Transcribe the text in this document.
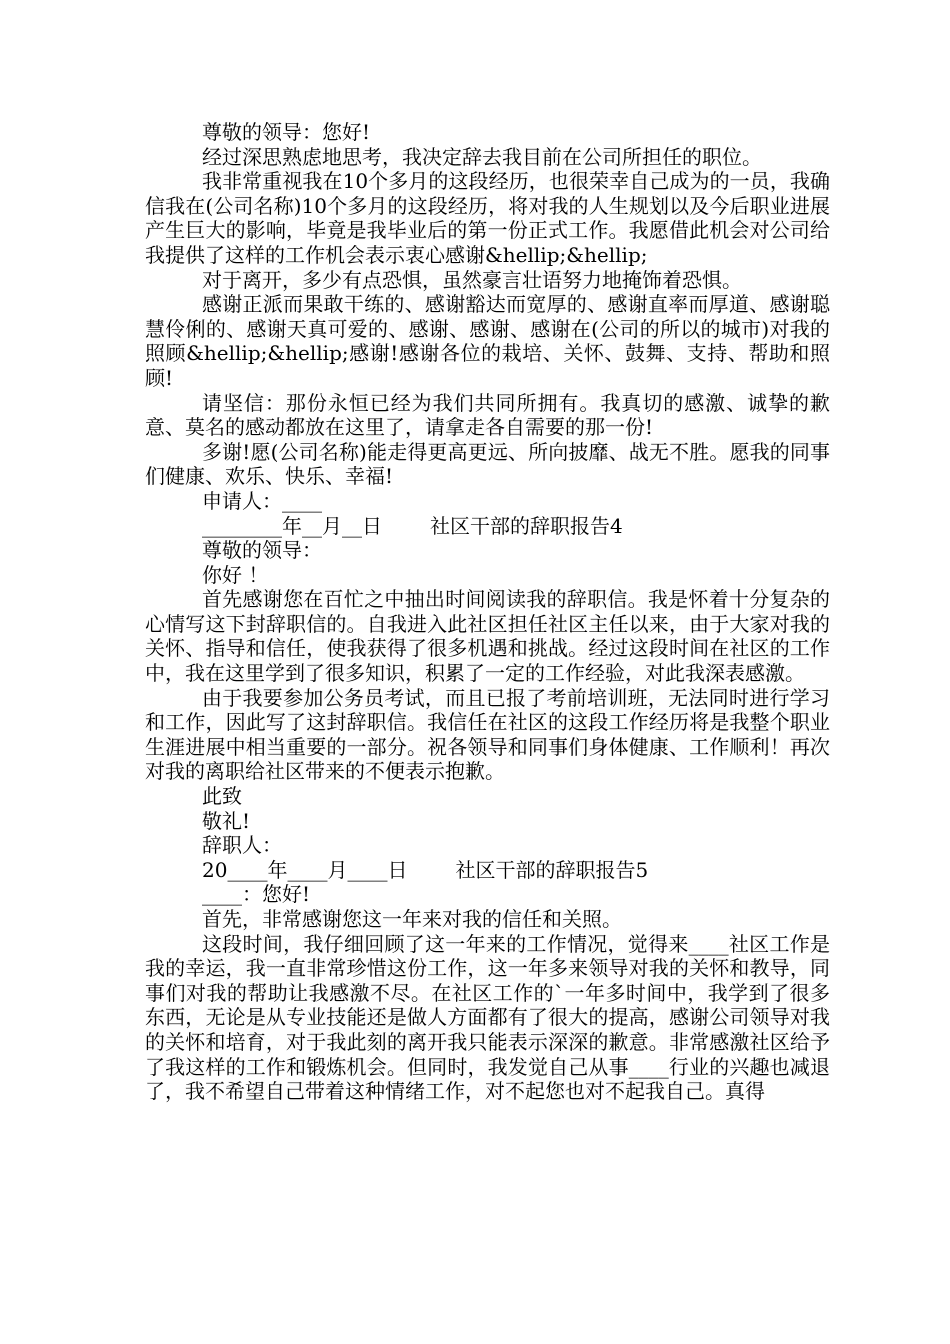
尊敬的领导：您好!

经过深思熟虑地思考，我决定辞去我目前在公司所担任的职位。

我非常重视我在10个多月的这段经历，也很荣幸自己成为的一员，我确信我在(公司名称)10个多月的这段经历，将对我的人生规划以及今后职业进展产生巨大的影响，毕竟是我毕业后的第一份正式工作。我愿借此机会对公司给我提供了这样的工作机会表示衷心感谢&hellip;&hellip;

对于离开，多少有点恐惧，虽然豪言壮语努力地掩饰着恐惧。

感谢正派而果敢干练的、感谢豁达而宽厚的、感谢直率而厚道、感谢聪慧伶俐的、感谢天真可爱的、感谢、感谢、感谢在(公司的所以的城市)对我的照顾&hellip;&hellip;感谢!感谢各位的栽培、关怀、鼓舞、支持、帮助和照顾!

请坚信：那份永恒已经为我们共同所拥有。我真切的感激、诚挚的歉意、莫名的感动都放在这里了，请拿走各自需要的那一份!

多谢!愿(公司名称)能走得更高更远、所向披靡、战无不胜。愿我的同事们健康、欢乐、快乐、幸福!

申请人：____

________年__月__日 社区干部的辞职报告4

尊敬的领导：

你好 ！

首先感谢您在百忙之中抽出时间阅读我的辞职信。我是怀着十分复杂的心情写这下封辞职信的。自我进入此社区担任社区主任以来，由于大家对我的关怀、指导和信任，使我获得了很多机遇和挑战。经过这段时间在社区的工作中，我在这里学到了很多知识，积累了一定的工作经验，对此我深表感激。

由于我要参加公务员考试，而且已报了考前培训班，无法同时进行学习和工作，因此写了这封辞职信。我信任在社区的这段工作经历将是我整个职业生涯进展中相当重要的一部分。祝各领导和同事们身体健康、工作顺利！再次对我的离职给社区带来的不便表示抱歉。

此致

敬礼!

辞职人：

20____年____月____日 社区干部的辞职报告5

____：您好!

首先，非常感谢您这一年来对我的信任和关照。

这段时间，我仔细回顾了这一年来的工作情况，觉得来____社区工作是我的幸运，我一直非常珍惜这份工作，这一年多来领导对我的关怀和教导，同事们对我的帮助让我感激不尽。在社区工作的`一年多时间中，我学到了很多东西，无论是从专业技能还是做人方面都有了很大的提高，感谢公司领导对我的关怀和培育，对于我此刻的离开我只能表示深深的歉意。非常感激社区给予了我这样的工作和锻炼机会。但同时，我发觉自己从事____行业的兴趣也减退了，我不希望自己带着这种情绪工作，对不起您也对不起我自己。真得
